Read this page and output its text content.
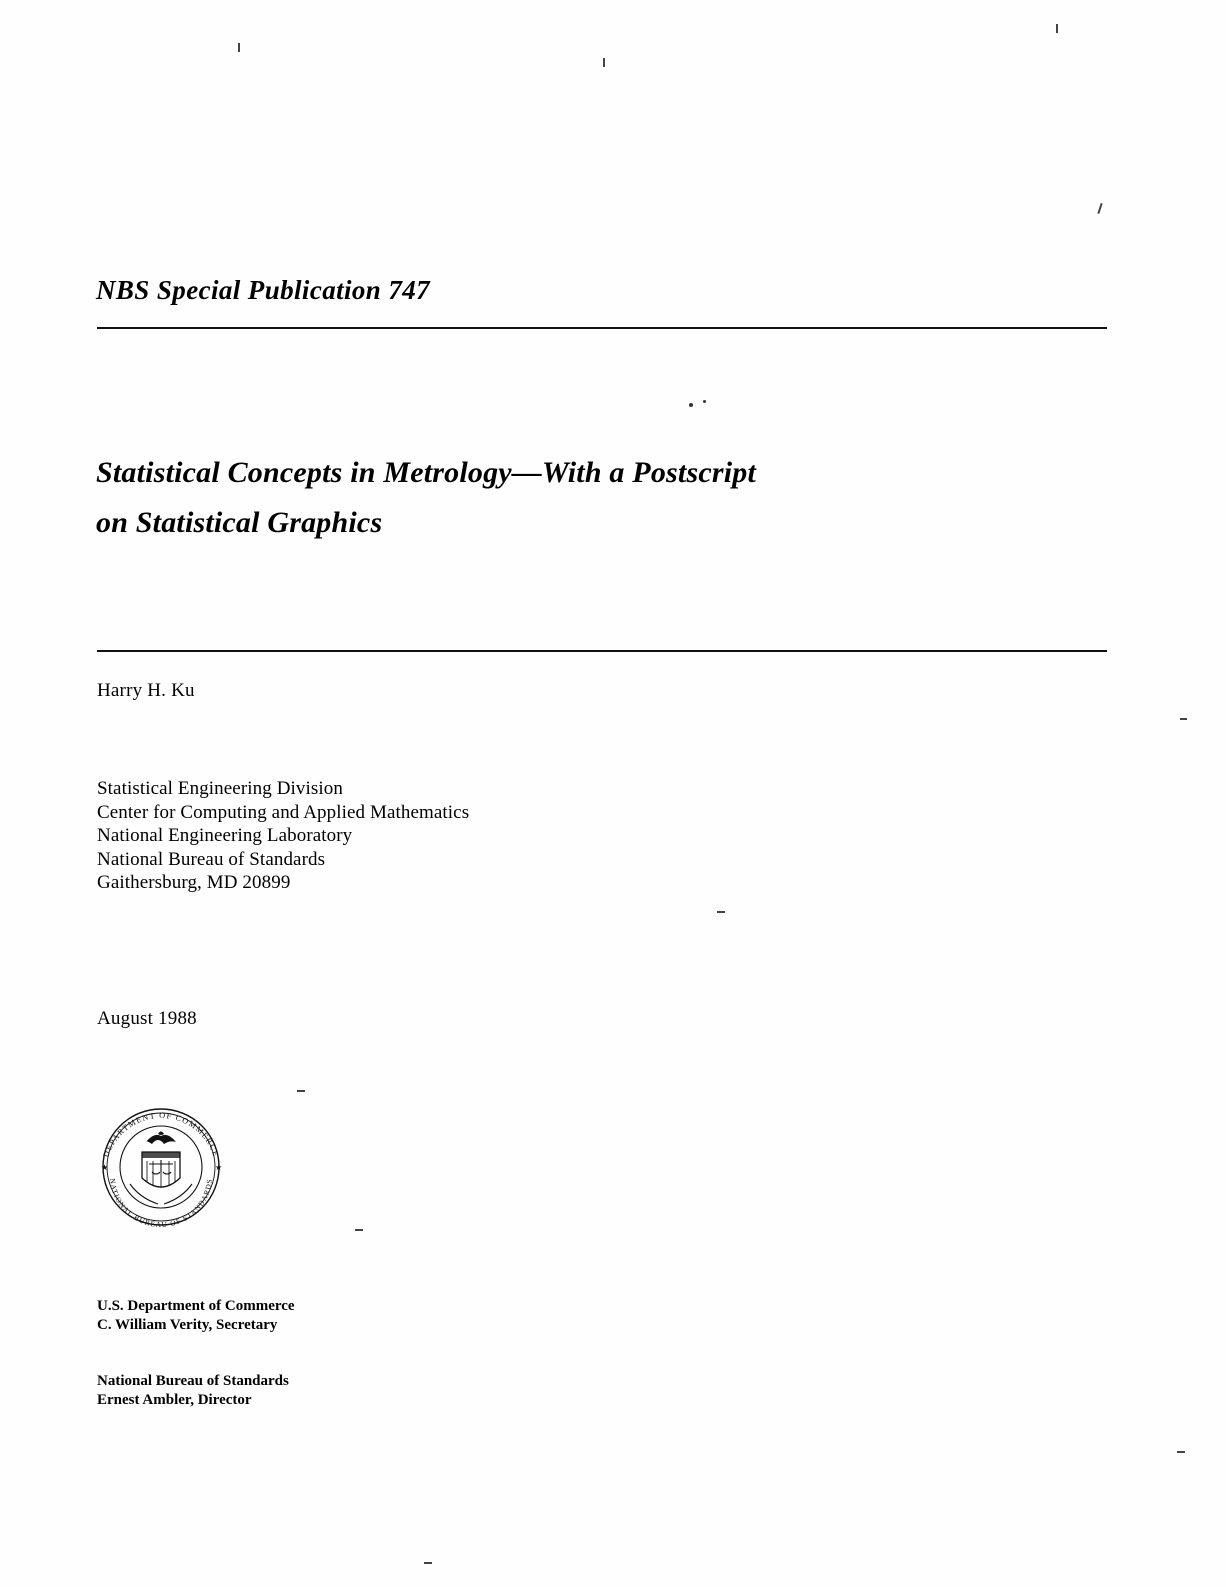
NBS Special Publication 747
Statistical Concepts in Metrology—With a Postscript
on Statistical Graphics
Harry H. Ku
Statistical Engineering Division
Center for Computing and Applied Mathematics
National Engineering Laboratory
National Bureau of Standards
Gaithersburg, MD 20899
August 1988
DEPARTMENT OF COMMERCE
NATIONAL BUREAU OF STANDARDS
★	★
U.S. Department of Commerce
C. William Verity, Secretary
National Bureau of Standards
Ernest Ambler, Director
